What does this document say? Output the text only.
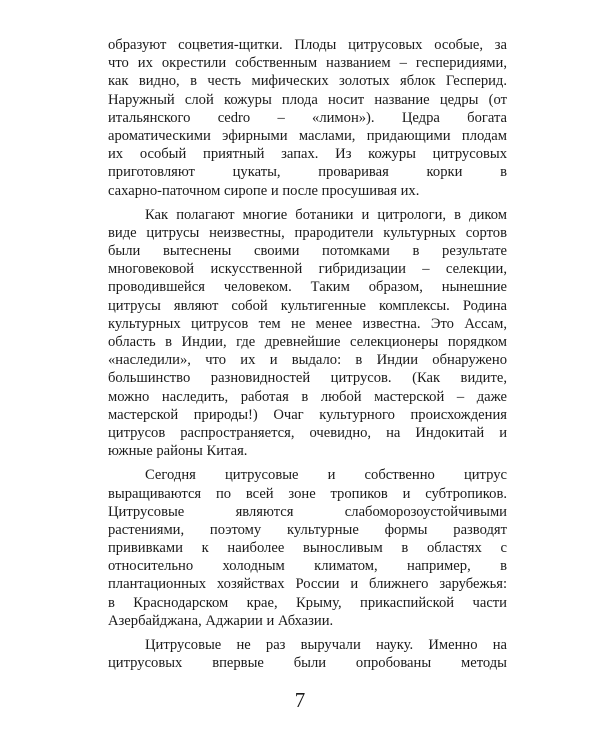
образуют соцветия-щитки. Плоды цитрусовых особые, за
что их окрестили собственным названием – гесперидиями,
как видно, в честь мифических золотых яблок Гесперид.
Наружный слой кожуры плода носит название цедры (от
итальянского cedro – «лимон»). Цедра богата
ароматическими эфирными маслами, придающими плодам
их особый приятный запах. Из кожуры цитрусовых
приготовляют цукаты, проваривая корки в
сахарно-паточном сиропе и после просушивая их.
Как полагают многие ботаники и цитрологи, в диком
виде цитрусы неизвестны, прародители культурных сортов
были вытеснены своими потомками в результате
многовековой искусственной гибридизации – селекции,
проводившейся человеком. Таким образом, нынешние
цитрусы являют собой культигенные комплексы. Родина
культурных цитрусов тем не менее известна. Это Ассам,
область в Индии, где древнейшие селекционеры порядком
«наследили», что их и выдало: в Индии обнаружено
большинство разновидностей цитрусов. (Как видите,
можно наследить, работая в любой мастерской – даже
мастерской природы!) Очаг культурного происхождения
цитрусов распространяется, очевидно, на Индокитай и
южные районы Китая.
Сегодня цитрусовые и собственно цитрус
выращиваются по всей зоне тропиков и субтропиков.
Цитрусовые являются слабоморозоустойчивыми
растениями, поэтому культурные формы разводят
прививками к наиболее выносливым в областях с
относительно холодным климатом, например, в
плантационных хозяйствах России и ближнего зарубежья:
в Краснодарском крае, Крыму, прикаспийской части
Азербайджана, Аджарии и Абхазии.
Цитрусовые не раз выручали науку. Именно на
цитрусовых впервые были опробованы методы
7
